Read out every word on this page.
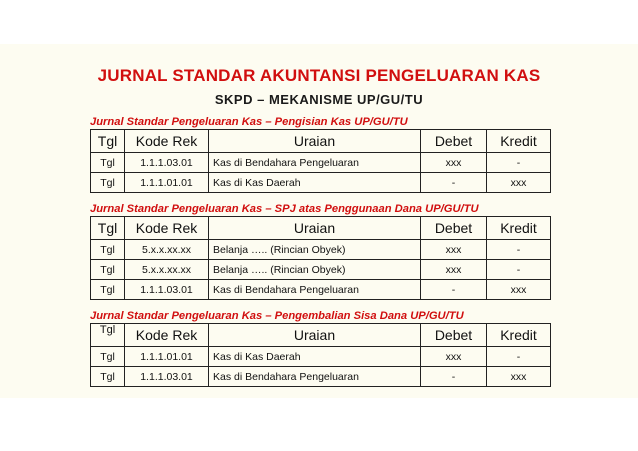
JURNAL STANDAR AKUNTANSI PENGELUARAN KAS
SKPD – MEKANISME UP/GU/TU
Jurnal Standar Pengeluaran Kas – Pengisian Kas UP/GU/TU
Tgl	Kode Rek	Uraian	Debet	Kredit
Tgl	1.1.1.03.01	Kas di Bendahara Pengeluaran	xxx	-
Tgl	1.1.1.01.01	Kas di Kas Daerah	-	xxx
Jurnal Standar Pengeluaran Kas – SPJ atas Penggunaan Dana UP/GU/TU
Tgl	Kode Rek	Uraian	Debet	Kredit
Tgl	5.x.x.xx.xx	Belanja ….. (Rincian Obyek)	xxx	-
Tgl	5.x.x.xx.xx	Belanja ….. (Rincian Obyek)	xxx	-
Tgl	1.1.1.03.01	Kas di Bendahara Pengeluaran	-	xxx
Jurnal Standar Pengeluaran Kas – Pengembalian Sisa Dana UP/GU/TU
Tgl	Kode Rek	Uraian	Debet	Kredit
Tgl	1.1.1.01.01	Kas di Kas Daerah	xxx	-
Tgl	1.1.1.03.01	Kas di Bendahara Pengeluaran	-	xxx
